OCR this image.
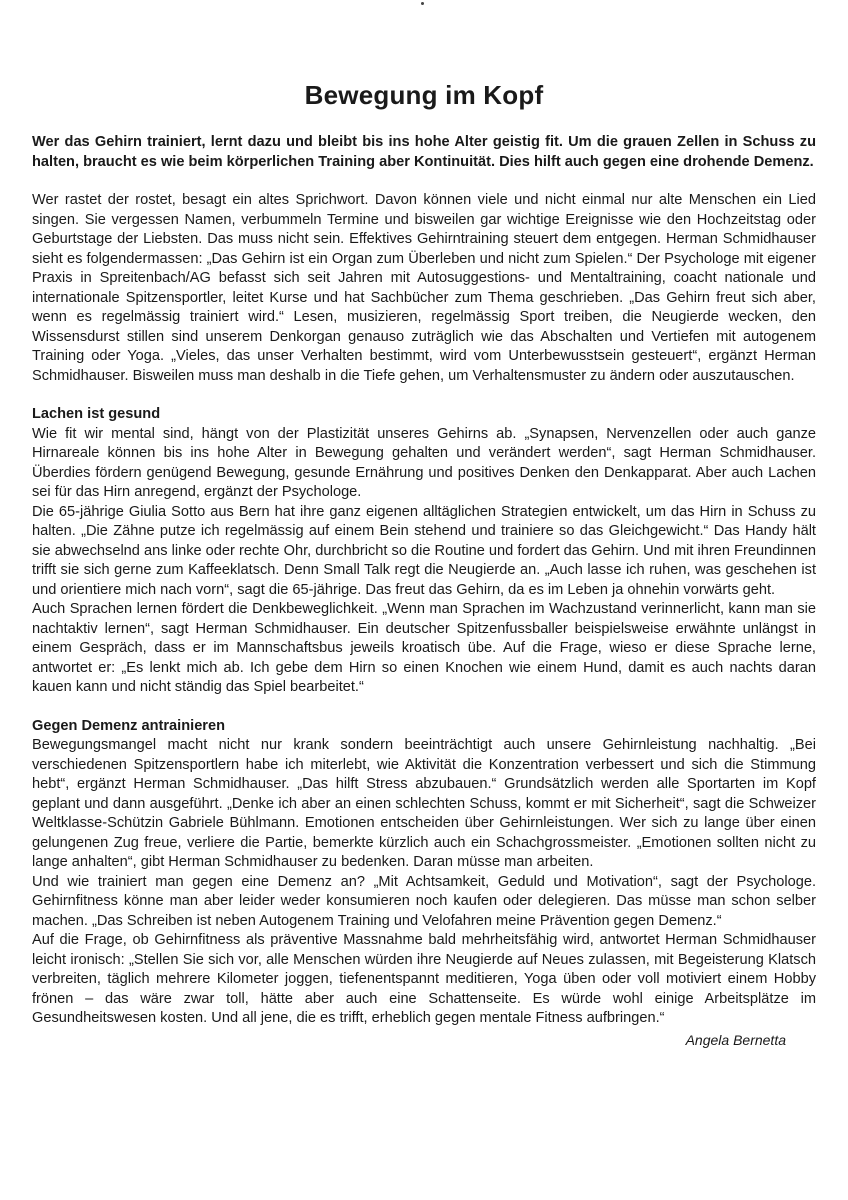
Bewegung im Kopf

Wer das Gehirn trainiert, lernt dazu und bleibt bis ins hohe Alter geistig fit. Um die grauen Zellen in Schuss zu halten, braucht es wie beim körperlichen Training aber Kontinuität. Dies hilft auch gegen eine drohende Demenz.

Wer rastet der rostet, besagt ein altes Sprichwort. Davon können viele und nicht einmal nur alte Menschen ein Lied singen. Sie vergessen Namen, verbummeln Termine und bisweilen gar wichtige Ereignisse wie den Hochzeitstag oder Geburtstage der Liebsten. Das muss nicht sein. Effektives Gehirntraining steuert dem entgegen. Herman Schmidhauser sieht es folgendermassen: „Das Gehirn ist ein Organ zum Überleben und nicht zum Spielen.“ Der Psychologe mit eigener Praxis in Spreitenbach/AG befasst sich seit Jahren mit Autosuggestions- und Mentaltraining, coacht nationale und internationale Spitzensportler, leitet Kurse und hat Sachbücher zum Thema geschrieben. „Das Gehirn freut sich aber, wenn es regelmässig trainiert wird.“ Lesen, musizieren, regelmässig Sport treiben, die Neugierde wecken, den Wissensdurst stillen sind unserem Denkorgan genauso zuträglich wie das Abschalten und Vertiefen mit autogenem Training oder Yoga. „Vieles, das unser Verhalten bestimmt, wird vom Unterbewusstsein gesteuert“, ergänzt Herman Schmidhauser. Bisweilen muss man deshalb in die Tiefe gehen, um Verhaltensmuster zu ändern oder auszutauschen.

Lachen ist gesund

Wie fit wir mental sind, hängt von der Plastizität unseres Gehirns ab. „Synapsen, Nervenzellen oder auch ganze Hirnareale können bis ins hohe Alter in Bewegung gehalten und verändert werden“, sagt Herman Schmidhauser. Überdies fördern genügend Bewegung, gesunde Ernährung und positives Denken den Denkapparat. Aber auch Lachen sei für das Hirn anregend, ergänzt der Psychologe.

Die 65-jährige Giulia Sotto aus Bern hat ihre ganz eigenen alltäglichen Strategien entwickelt, um das Hirn in Schuss zu halten. „Die Zähne putze ich regelmässig auf einem Bein stehend und trainiere so das Gleichgewicht.“ Das Handy hält sie abwechselnd ans linke oder rechte Ohr, durchbricht so die Routine und fordert das Gehirn. Und mit ihren Freundinnen trifft sie sich gerne zum Kaffeeklatsch. Denn Small Talk regt die Neugierde an. „Auch lasse ich ruhen, was geschehen ist und orientiere mich nach vorn“, sagt die 65-jährige. Das freut das Gehirn, da es im Leben ja ohnehin vorwärts geht.

Auch Sprachen lernen fördert die Denkbeweglichkeit. „Wenn man Sprachen im Wachzustand verinnerlicht, kann man sie nachtaktiv lernen“, sagt Herman Schmidhauser. Ein deutscher Spitzenfussballer beispielsweise erwähnte unlängst in einem Gespräch, dass er im Mannschaftsbus jeweils kroatisch übe. Auf die Frage, wieso er diese Sprache lerne, antwortet er: „Es lenkt mich ab. Ich gebe dem Hirn so einen Knochen wie einem Hund, damit es auch nachts daran kauen kann und nicht ständig das Spiel bearbeitet.“

Gegen Demenz antrainieren

Bewegungsmangel macht nicht nur krank sondern beeinträchtigt auch unsere Gehirnleistung nachhaltig. „Bei verschiedenen Spitzensportlern habe ich miterlebt, wie Aktivität die Konzentration verbessert und sich die Stimmung hebt“, ergänzt Herman Schmidhauser. „Das hilft Stress abzubauen.“ Grundsätzlich werden alle Sportarten im Kopf geplant und dann ausgeführt. „Denke ich aber an einen schlechten Schuss, kommt er mit Sicherheit“, sagt die Schweizer Weltklasse-Schützin Gabriele Bühlmann. Emotionen entscheiden über Gehirnleistungen. Wer sich zu lange über einen gelungenen Zug freue, verliere die Partie, bemerkte kürzlich auch ein Schachgrossmeister. „Emotionen sollten nicht zu lange anhalten“, gibt Herman Schmidhauser zu bedenken. Daran müsse man arbeiten.

Und wie trainiert man gegen eine Demenz an? „Mit Achtsamkeit, Geduld und Motivation“, sagt der Psychologe. Gehirnfitness könne man aber leider weder konsumieren noch kaufen oder delegieren. Das müsse man schon selber machen. „Das Schreiben ist neben Autogenem Training und Velofahren meine Prävention gegen Demenz.“

Auf die Frage, ob Gehirnfitness als präventive Massnahme bald mehrheitsfähig wird, antwortet Herman Schmidhauser leicht ironisch: „Stellen Sie sich vor, alle Menschen würden ihre Neugierde auf Neues zulassen, mit Begeisterung Klatsch verbreiten, täglich mehrere Kilometer joggen, tiefenentspannt meditieren, Yoga üben oder voll motiviert einem Hobby frönen – das wäre zwar toll, hätte aber auch eine Schattenseite. Es würde wohl einige Arbeitsplätze im Gesundheitswesen kosten. Und all jene, die es trifft, erheblich gegen mentale Fitness aufbringen.“

Angela Bernetta
